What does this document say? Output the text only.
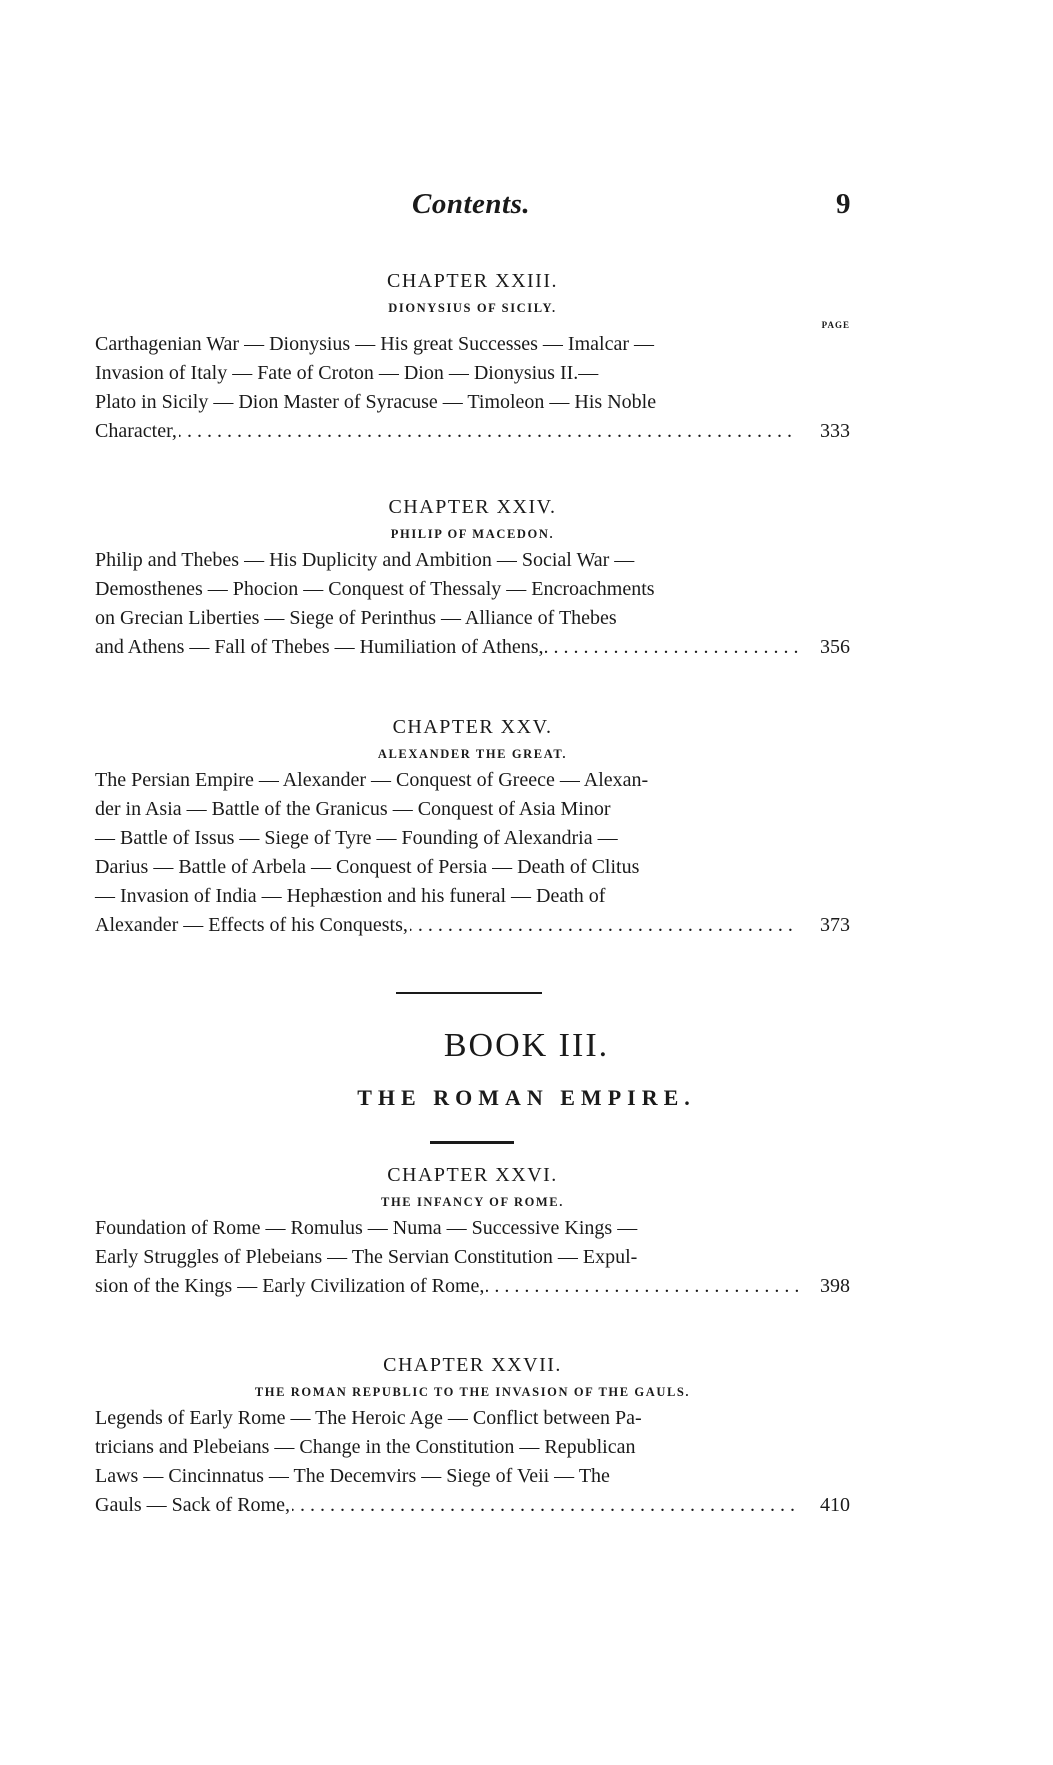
Contents.	9
CHAPTER XXIII.
DIONYSIUS OF SICILY.
PAGE
Carthagenian War — Dionysius — His great Successes — Imalcar —
Invasion of Italy — Fate of Croton — Dion — Dionysius II.—
Plato in Sicily — Dion Master of Syracuse — Timoleon — His Noble
Character, . . .	333
CHAPTER XXIV.
PHILIP OF MACEDON.
Philip and Thebes — His Duplicity and Ambition — Social War —
Demosthenes — Phocion — Conquest of Thessaly — Encroachments
on Grecian Liberties — Siege of Perinthus — Alliance of Thebes
and Athens — Fall of Thebes — Humiliation of Athens, . . .	356
CHAPTER XXV.
ALEXANDER THE GREAT.
The Persian Empire — Alexander — Conquest of Greece — Alexan-
der in Asia — Battle of the Granicus — Conquest of Asia Minor
— Battle of Issus — Siege of Tyre — Founding of Alexandria —
Darius — Battle of Arbela — Conquest of Persia — Death of Clitus
— Invasion of India — Hephæstion and his funeral — Death of
Alexander — Effects of his Conquests, . . .	373
BOOK III.
THE ROMAN EMPIRE.
CHAPTER XXVI.
THE INFANCY OF ROME.
Foundation of Rome — Romulus — Numa — Successive Kings —
Early Struggles of Plebeians — The Servian Constitution — Expul-
sion of the Kings — Early Civilization of Rome, . . .	398
CHAPTER XXVII.
THE ROMAN REPUBLIC TO THE INVASION OF THE GAULS.
Legends of Early Rome — The Heroic Age — Conflict between Pa-
tricians and Plebeians — Change in the Constitution — Republican
Laws — Cincinnatus — The Decemvirs — Siege of Veii — The
Gauls — Sack of Rome, . . .	410
